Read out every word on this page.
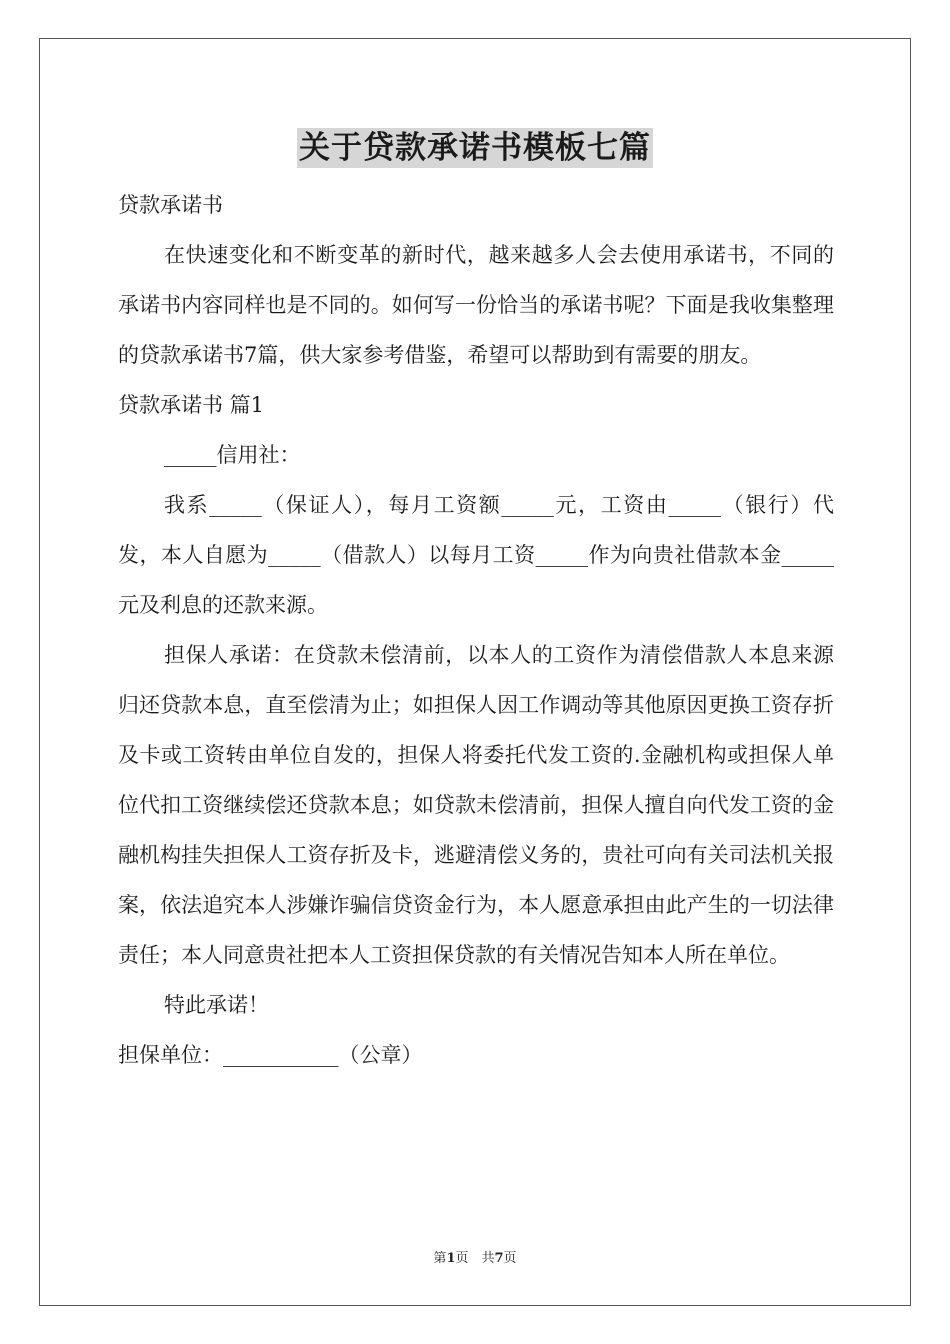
关于贷款承诺书模板七篇

贷款承诺书

在快速变化和不断变革的新时代，越来越多人会去使用承诺书，不同的承诺书内容同样也是不同的。如何写一份恰当的承诺书呢？下面是我收集整理的贷款承诺书7篇，供大家参考借鉴，希望可以帮助到有需要的朋友。

贷款承诺书 篇1

_____信用社：

我系_____（保证人），每月工资额_____元，工资由_____（银行）代发，本人自愿为_____（借款人）以每月工资_____作为向贵社借款本金_____元及利息的还款来源。

担保人承诺：在贷款未偿清前，以本人的工资作为清偿借款人本息来源归还贷款本息，直至偿清为止；如担保人因工作调动等其他原因更换工资存折及卡或工资转由单位自发的，担保人将委托代发工资的.金融机构或担保人单位代扣工资继续偿还贷款本息；如贷款未偿清前，担保人擅自向代发工资的金融机构挂失担保人工资存折及卡，逃避清偿义务的，贵社可向有关司法机关报案，依法追究本人涉嫌诈骗信贷资金行为，本人愿意承担由此产生的一切法律责任；本人同意贵社把本人工资担保贷款的有关情况告知本人所在单位。

特此承诺！

担保单位：___________（公章）

第1页　共7页
